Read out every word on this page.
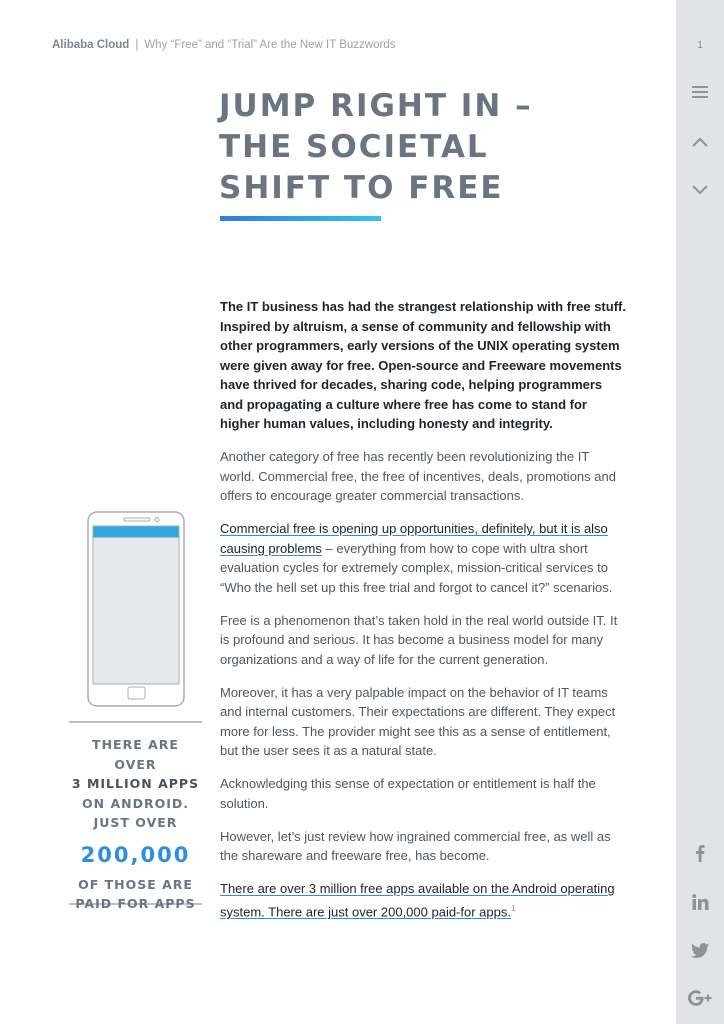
Alibaba Cloud | Why “Free” and “Trial” Are the New IT Buzzwords
JUMP RIGHT IN –
THE SOCIETAL
SHIFT TO FREE

The IT business has had the strangest relationship with free stuff. Inspired by altruism, a sense of community and fellowship with other programmers, early versions of the UNIX operating system were given away for free. Open-source and Freeware movements have thrived for decades, sharing code, helping programmers and propagating a culture where free has come to stand for higher human values, including honesty and integrity.

Another category of free has recently been revolutionizing the IT world. Commercial free, the free of incentives, deals, promotions and offers to encourage greater commercial transactions.

Commercial free is opening up opportunities, definitely, but it is also causing problems – everything from how to cope with ultra short evaluation cycles for extremely complex, mission-critical services to “Who the hell set up this free trial and forgot to cancel it?” scenarios.

Free is a phenomenon that’s taken hold in the real world outside IT. It is profound and serious. It has become a business model for many organizations and a way of life for the current generation.

Moreover, it has a very palpable impact on the behavior of IT teams and internal customers. Their expectations are different. They expect more for less. The provider might see this as a sense of entitlement, but the user sees it as a natural state.

Acknowledging this sense of expectation or entitlement is half the solution.

However, let’s just review how ingrained commercial free, as well as the shareware and freeware free, has become.

There are over 3 million free apps available on the Android operating system. There are just over 200,000 paid-for apps.$^1$

THERE ARE OVER
3 MILLION APPS
ON ANDROID.
JUST OVER
200,000
OF THOSE ARE
PAID FOR APPS
1
